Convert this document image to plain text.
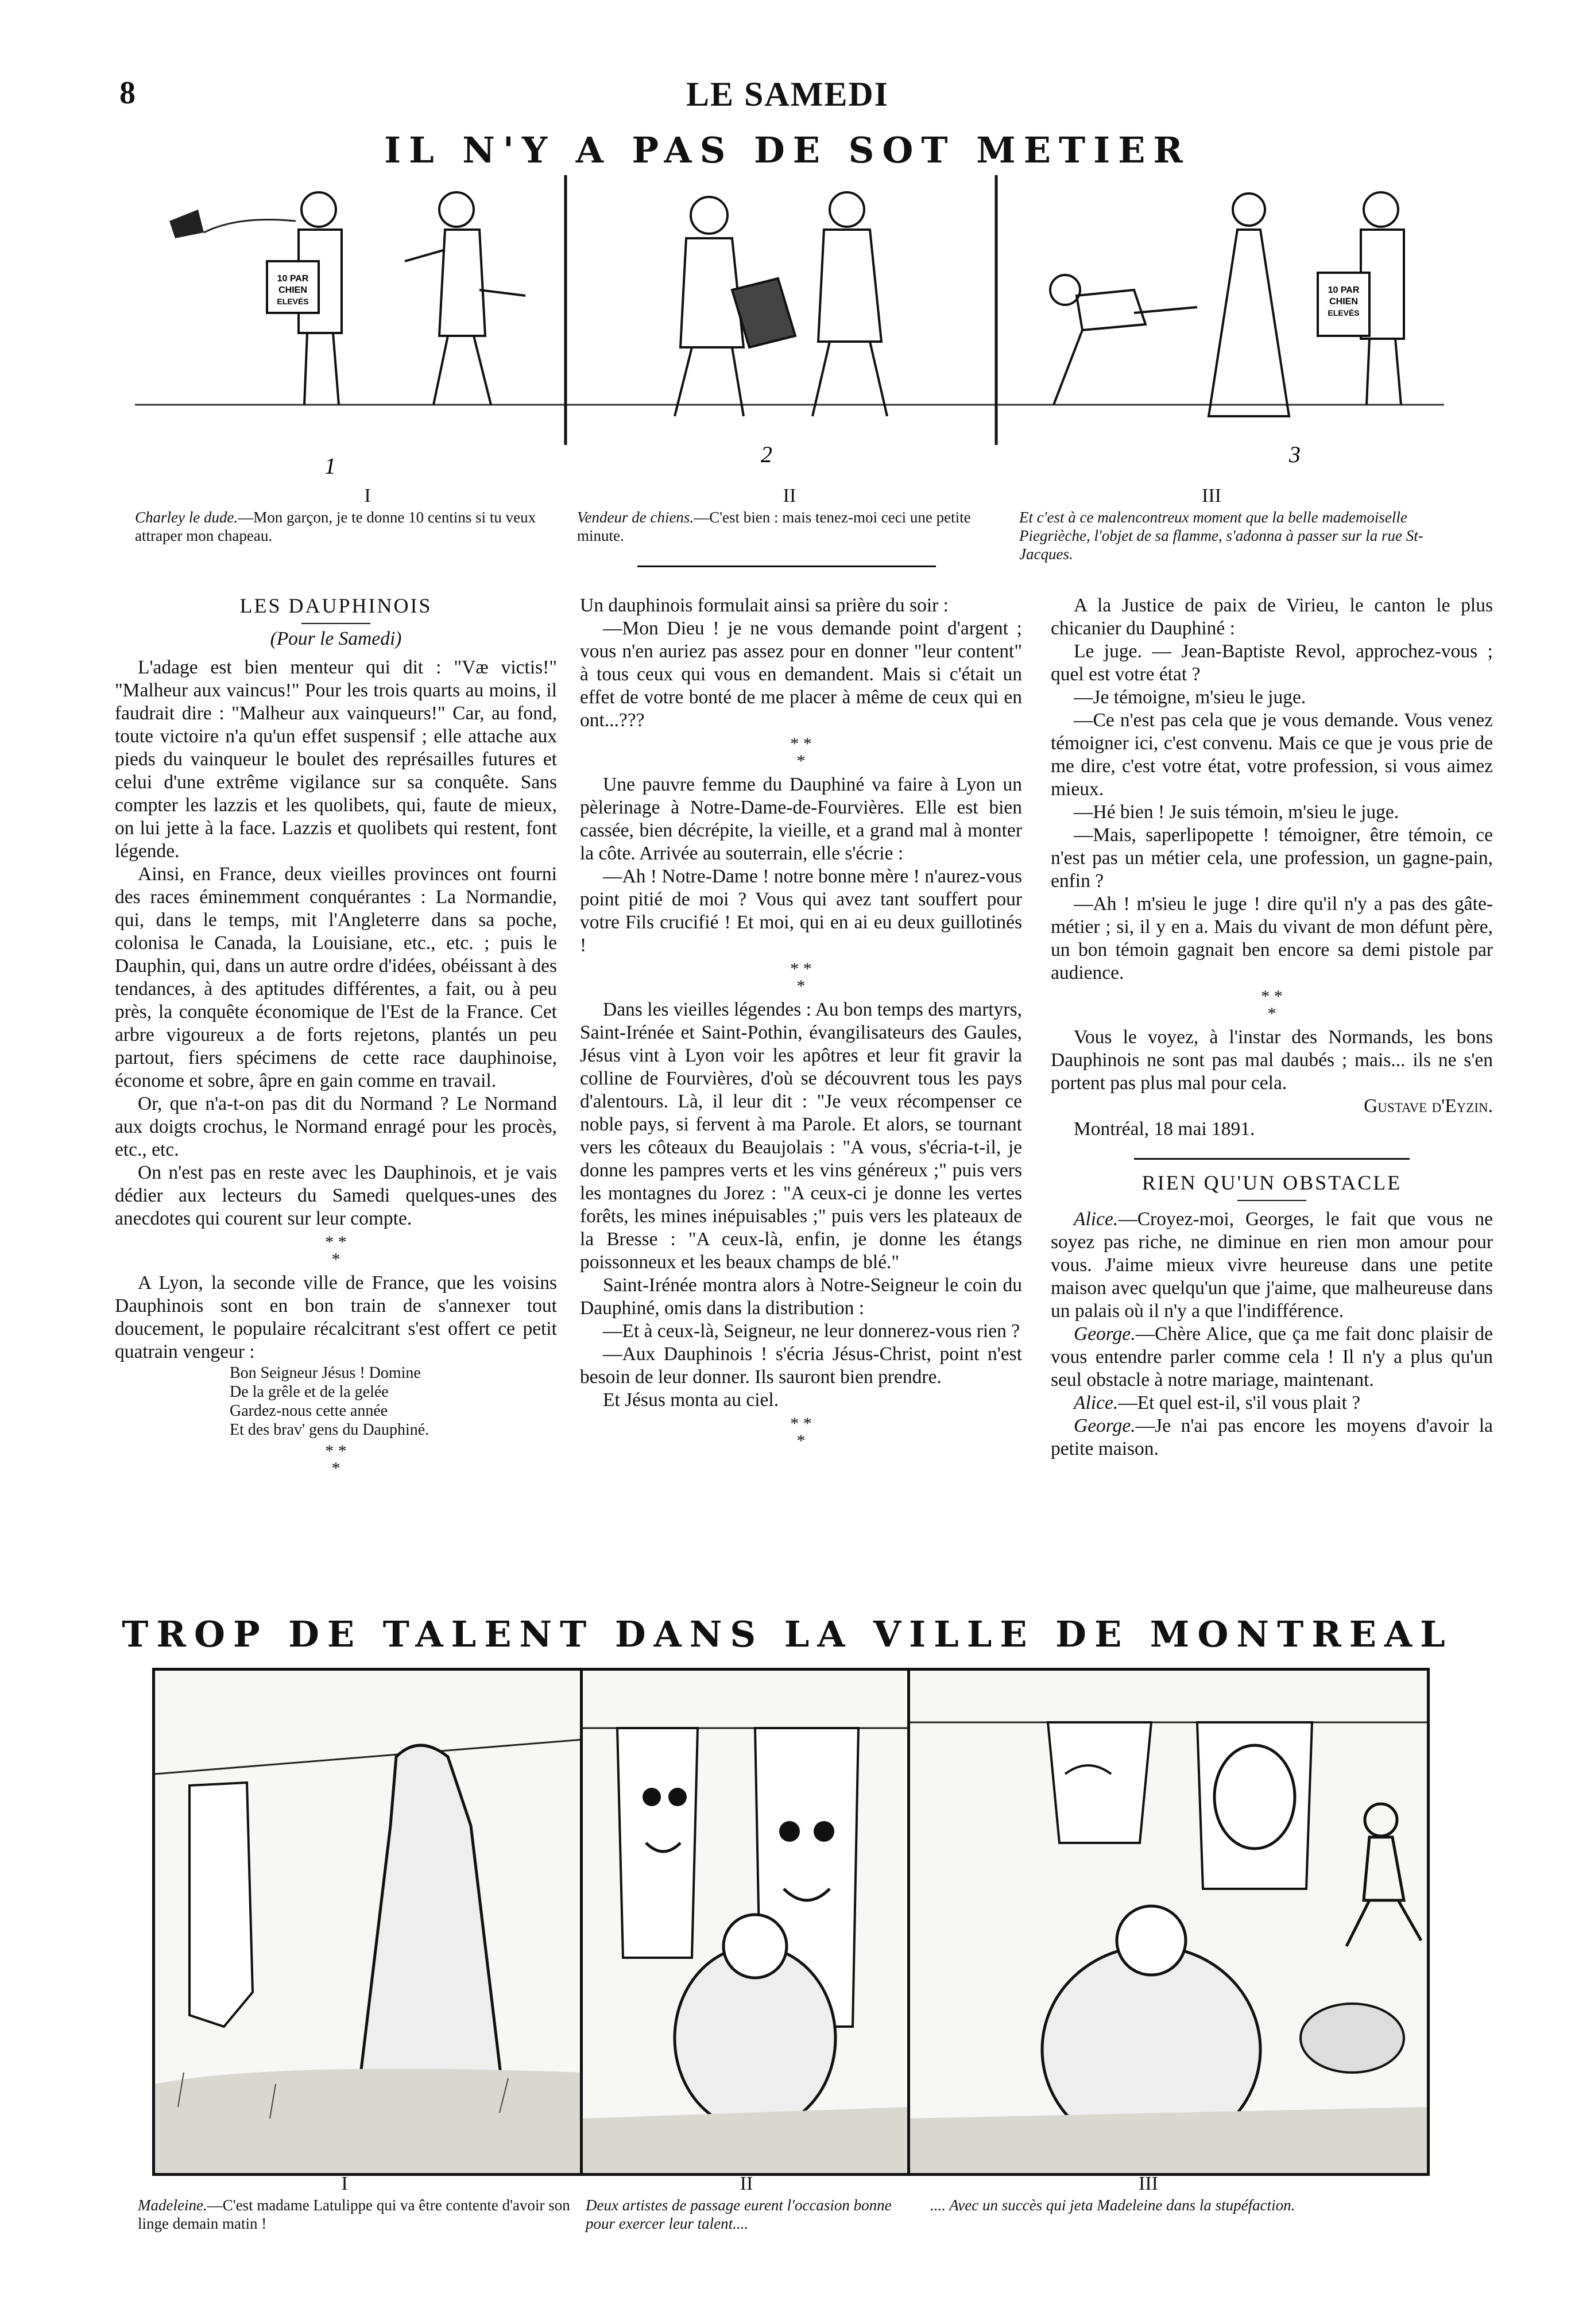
8	LE SAMEDI
IL N'Y A PAS DE SOT METIER
10 PAR
CHIEN
ELEVÉS
1	2
10 PAR
CHIEN
ELEVÉS
3
I	II	III
Charley le dude.—Mon garçon, je te donne 10 centins si tu veux attraper mon chapeau.
Vendeur de chiens.—C'est bien : mais tenez-moi ceci une petite minute.
Et c'est à ce malencontreux moment que la belle mademoiselle Piegrièche, l'objet de sa flamme, s'adonna à passer sur la rue St-Jacques.
LES DAUPHINOIS
(Pour le Samedi)

L'adage est bien menteur qui dit : "Væ victis!" "Malheur aux vaincus!" Pour les trois quarts au moins, il faudrait dire : "Malheur aux vainqueurs!" Car, au fond, toute victoire n'a qu'un effet suspensif ; elle attache aux pieds du vainqueur le boulet des représailles futures et celui d'une extrême vigilance sur sa conquête. Sans compter les lazzis et les quolibets, qui, faute de mieux, on lui jette à la face. Lazzis et quolibets qui restent, font légende.

Ainsi, en France, deux vieilles provinces ont fourni des races éminemment conquérantes : La Normandie, qui, dans le temps, mit l'Angleterre dans sa poche, colonisa le Canada, la Louisiane, etc., etc. ; puis le Dauphin, qui, dans un autre ordre d'idées, obéissant à des tendances, à des aptitudes différentes, a fait, ou à peu près, la conquête économique de l'Est de la France. Cet arbre vigoureux a de forts rejetons, plantés un peu partout, fiers spécimens de cette race dauphinoise, économe et sobre, âpre en gain comme en travail.

Or, que n'a-t-on pas dit du Normand ? Le Normand aux doigts crochus, le Normand enragé pour les procès, etc., etc.

On n'est pas en reste avec les Dauphinois, et je vais dédier aux lecteurs du Samedi quelques-unes des anecdotes qui courent sur leur compte.

* *
*

A Lyon, la seconde ville de France, que les voisins Dauphinois sont en bon train de s'annexer tout doucement, le populaire récalcitrant s'est offert ce petit quatrain vengeur :

Bon Seigneur Jésus ! Domine
De la grêle et de la gelée
Gardez-nous cette année
Et des brav' gens du Dauphiné.
* *
*

Un dauphinois formulait ainsi sa prière du soir :

—Mon Dieu ! je ne vous demande point d'argent ; vous n'en auriez pas assez pour en donner "leur content" à tous ceux qui vous en demandent. Mais si c'était un effet de votre bonté de me placer à même de ceux qui en ont...???

* *
*

Une pauvre femme du Dauphiné va faire à Lyon un pèlerinage à Notre-Dame-de-Fourvières. Elle est bien cassée, bien décrépite, la vieille, et a grand mal à monter la côte. Arrivée au souterrain, elle s'écrie :

—Ah ! Notre-Dame ! notre bonne mère ! n'aurez-vous point pitié de moi ? Vous qui avez tant souffert pour votre Fils crucifié ! Et moi, qui en ai eu deux guillotinés !

* *
*

Dans les vieilles légendes : Au bon temps des martyrs, Saint-Irénée et Saint-Pothin, évangilisateurs des Gaules, Jésus vint à Lyon voir les apôtres et leur fit gravir la colline de Fourvières, d'où se découvrent tous les pays d'alentours. Là, il leur dit : "Je veux récompenser ce noble pays, si fervent à ma Parole. Et alors, se tournant vers les côteaux du Beaujolais : "A vous, s'écria-t-il, je donne les pampres verts et les vins généreux ;" puis vers les montagnes du Jorez : "A ceux-ci je donne les vertes forêts, les mines inépuisables ;" puis vers les plateaux de la Bresse : "A ceux-là, enfin, je donne les étangs poissonneux et les beaux champs de blé."

Saint-Irénée montra alors à Notre-Seigneur le coin du Dauphiné, omis dans la distribution :

—Et à ceux-là, Seigneur, ne leur donnerez-vous rien ?

—Aux Dauphinois ! s'écria Jésus-Christ, point n'est besoin de leur donner. Ils sauront bien prendre.

Et Jésus monta au ciel.

* *
*

A la Justice de paix de Virieu, le canton le plus chicanier du Dauphiné :

Le juge. — Jean-Baptiste Revol, approchez-vous ; quel est votre état ?

—Je témoigne, m'sieu le juge.

—Ce n'est pas cela que je vous demande. Vous venez témoigner ici, c'est convenu. Mais ce que je vous prie de me dire, c'est votre état, votre profession, si vous aimez mieux.

—Hé bien ! Je suis témoin, m'sieu le juge.

—Mais, saperlipopette ! témoigner, être témoin, ce n'est pas un métier cela, une profession, un gagne-pain, enfin ?

—Ah ! m'sieu le juge ! dire qu'il n'y a pas des gâte-métier ; si, il y en a. Mais du vivant de mon défunt père, un bon témoin gagnait ben encore sa demi pistole par audience.

* *
*

Vous le voyez, à l'instar des Normands, les bons Dauphinois ne sont pas mal daubés ; mais... ils ne s'en portent pas plus mal pour cela.

Gustave d'Eyzin.

Montréal, 18 mai 1891.

RIEN QU'UN OBSTACLE

Alice.—Croyez-moi, Georges, le fait que vous ne soyez pas riche, ne diminue en rien mon amour pour vous. J'aime mieux vivre heureuse dans une petite maison avec quelqu'un que j'aime, que malheureuse dans un palais où il n'y a que l'indifférence.

George.—Chère Alice, que ça me fait donc plaisir de vous entendre parler comme cela ! Il n'y a plus qu'un seul obstacle à notre mariage, maintenant.

Alice.—Et quel est-il, s'il vous plait ?

George.—Je n'ai pas encore les moyens d'avoir la petite maison.

TROP DE TALENT DANS LA VILLE DE MONTREAL
I	II	III
Madeleine.—C'est madame Latulippe qui va être contente d'avoir son linge demain matin !
Deux artistes de passage eurent l'occasion bonne pour exercer leur talent....
.... Avec un succès qui jeta Madeleine dans la stupéfaction.
